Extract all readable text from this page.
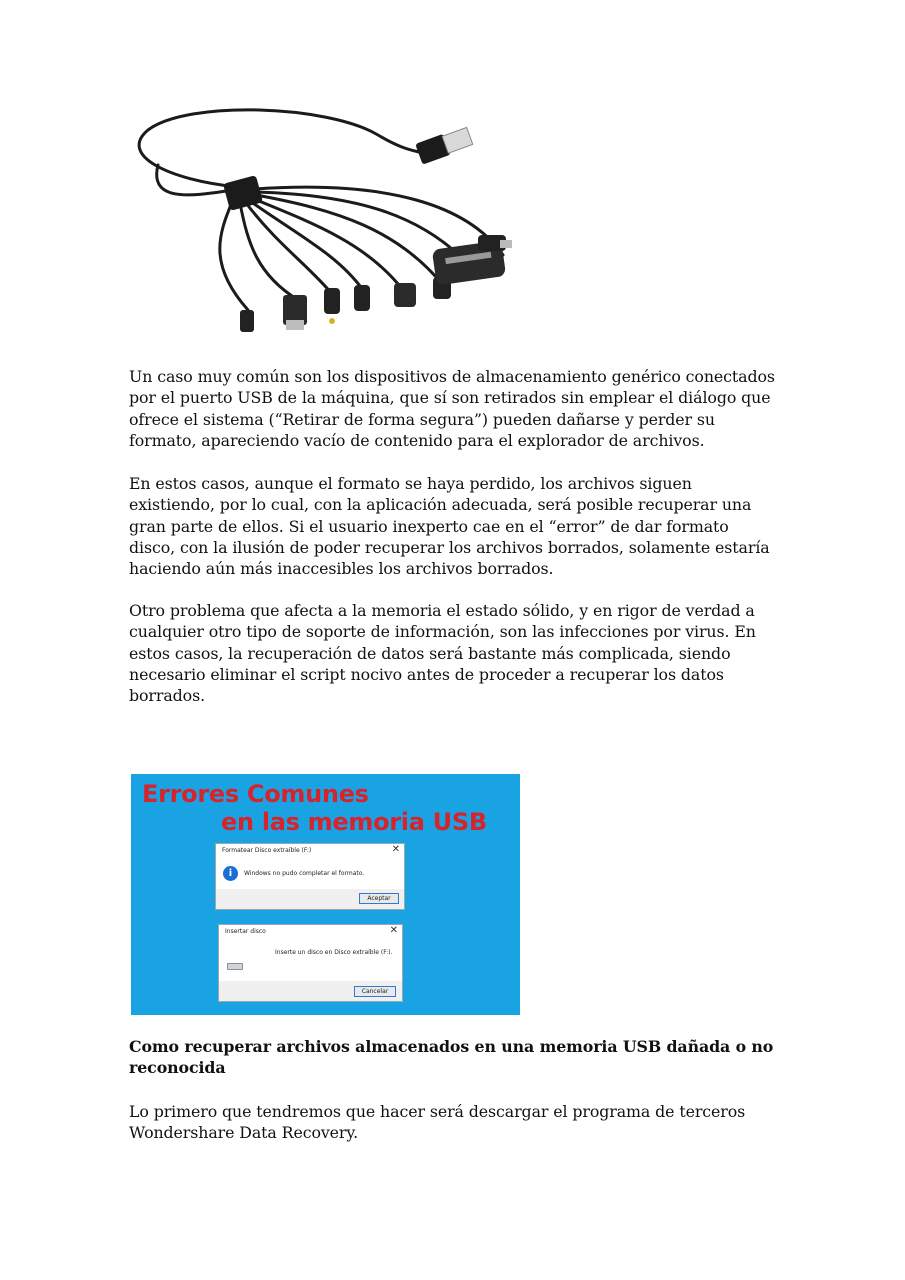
Un caso muy común son los dispositivos de almacenamiento genérico conectados por el puerto USB de la máquina, que sí son retirados sin emplear el diálogo que ofrece el sistema (“Retirar de forma segura”) pueden dañarse y perder su formato, apareciendo vacío de contenido para el explorador de archivos.

En estos casos, aunque el formato se haya perdido, los archivos siguen existiendo, por lo cual, con la aplicación adecuada, será posible recuperar una gran parte de ellos. Si el usuario inexperto cae en el “error” de dar formato disco, con la ilusión de poder recuperar los archivos borrados, solamente estaría haciendo aún más inaccesibles los archivos borrados.

Otro problema que afecta a la memoria el estado sólido, y en rigor de verdad a cualquier otro tipo de soporte de información, son las infecciones por virus. En estos casos, la recuperación de datos será bastante más complicada, siendo necesario eliminar el script nocivo antes de proceder a recuperar los datos borrados.

Errores Comunes
en las memoria USB
Formatear Disco extraíble (F:)	✕
i	Windows no pudo completar el formato.
Aceptar
Insertar disco	✕
Inserte un disco en Disco extraíble (F:).
Cancelar

Como recuperar archivos almacenados en una memoria USB dañada o no reconocida

Lo primero que tendremos que hacer será descargar el programa de terceros Wondershare Data Recovery.
